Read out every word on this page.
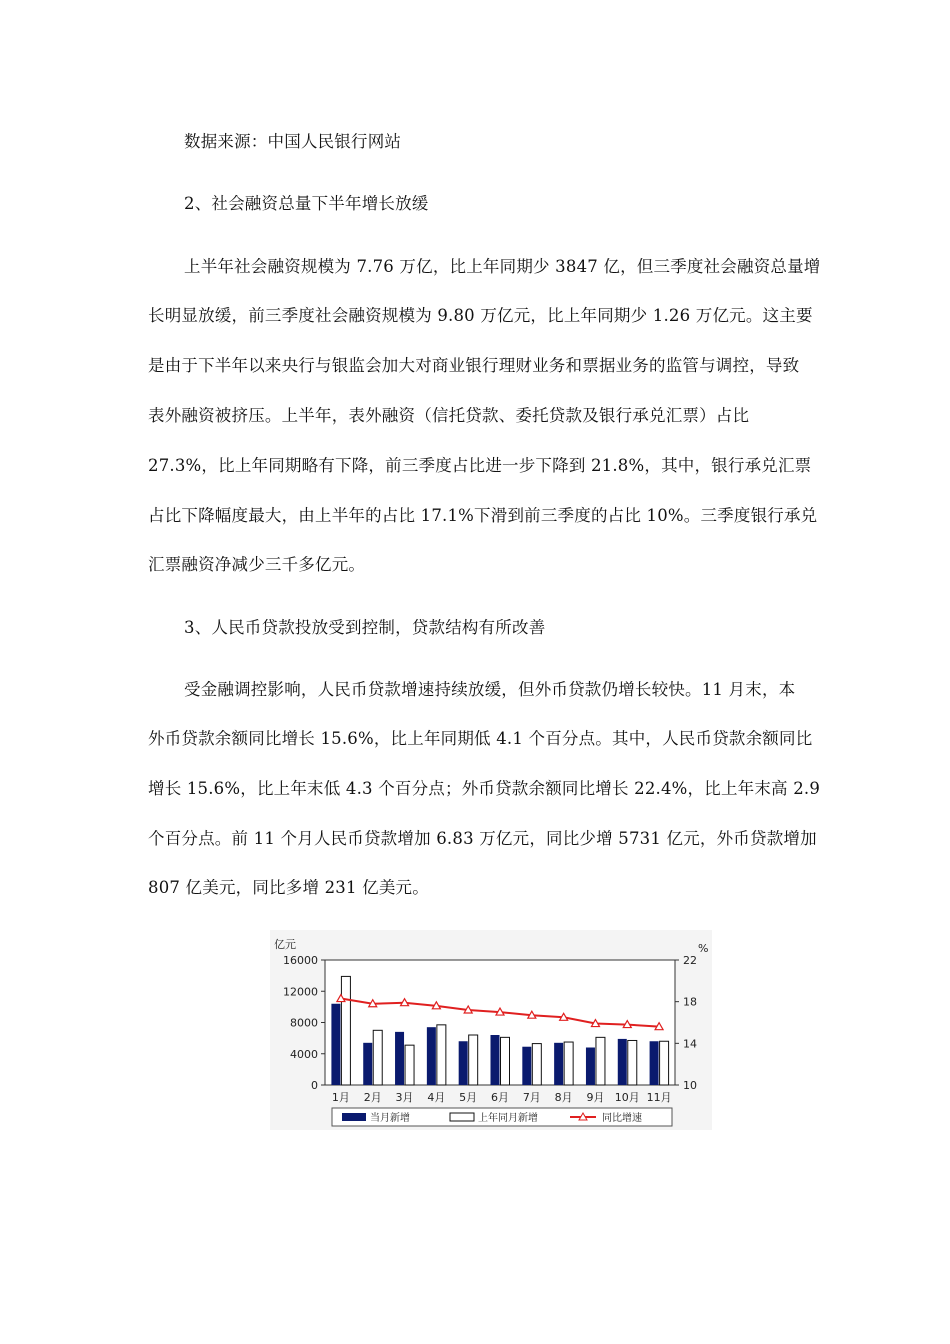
数据来源：中国人民银行网站
2、社会融资总量下半年增长放缓
上半年社会融资规模为 7.76 万亿，比上年同期少 3847 亿，但三季度社会融资总量增
长明显放缓，前三季度社会融资规模为 9.80 万亿元，比上年同期少 1.26 万亿元。这主要
是由于下半年以来央行与银监会加大对商业银行理财业务和票据业务的监管与调控，导致
表外融资被挤压。上半年，表外融资（信托贷款、委托贷款及银行承兑汇票）占比
27.3%，比上年同期略有下降，前三季度占比进一步下降到 21.8%，其中，银行承兑汇票
占比下降幅度最大，由上半年的占比 17.1%下滑到前三季度的占比 10%。三季度银行承兑
汇票融资净减少三千多亿元。
3、人民币贷款投放受到控制，贷款结构有所改善
受金融调控影响，人民币贷款增速持续放缓，但外币贷款仍增长较快。11 月末，本
外币贷款余额同比增长 15.6%，比上年同期低 4.1 个百分点。其中，人民币贷款余额同比
增长 15.6%，比上年末低 4.3 个百分点；外币贷款余额同比增长 22.4%，比上年末高 2.9
个百分点。前 11 个月人民币贷款增加 6.83 万亿元，同比少增 5731 亿元，外币贷款增加
807 亿美元，同比多增 231 亿美元。
亿元	%
0
4000
8000
12000
16000
10
14
18
22
1月 2月 3月 4月 5月 6月 7月 8月 9月 10月 11月
当月新增	上年同月新增	同比增速
